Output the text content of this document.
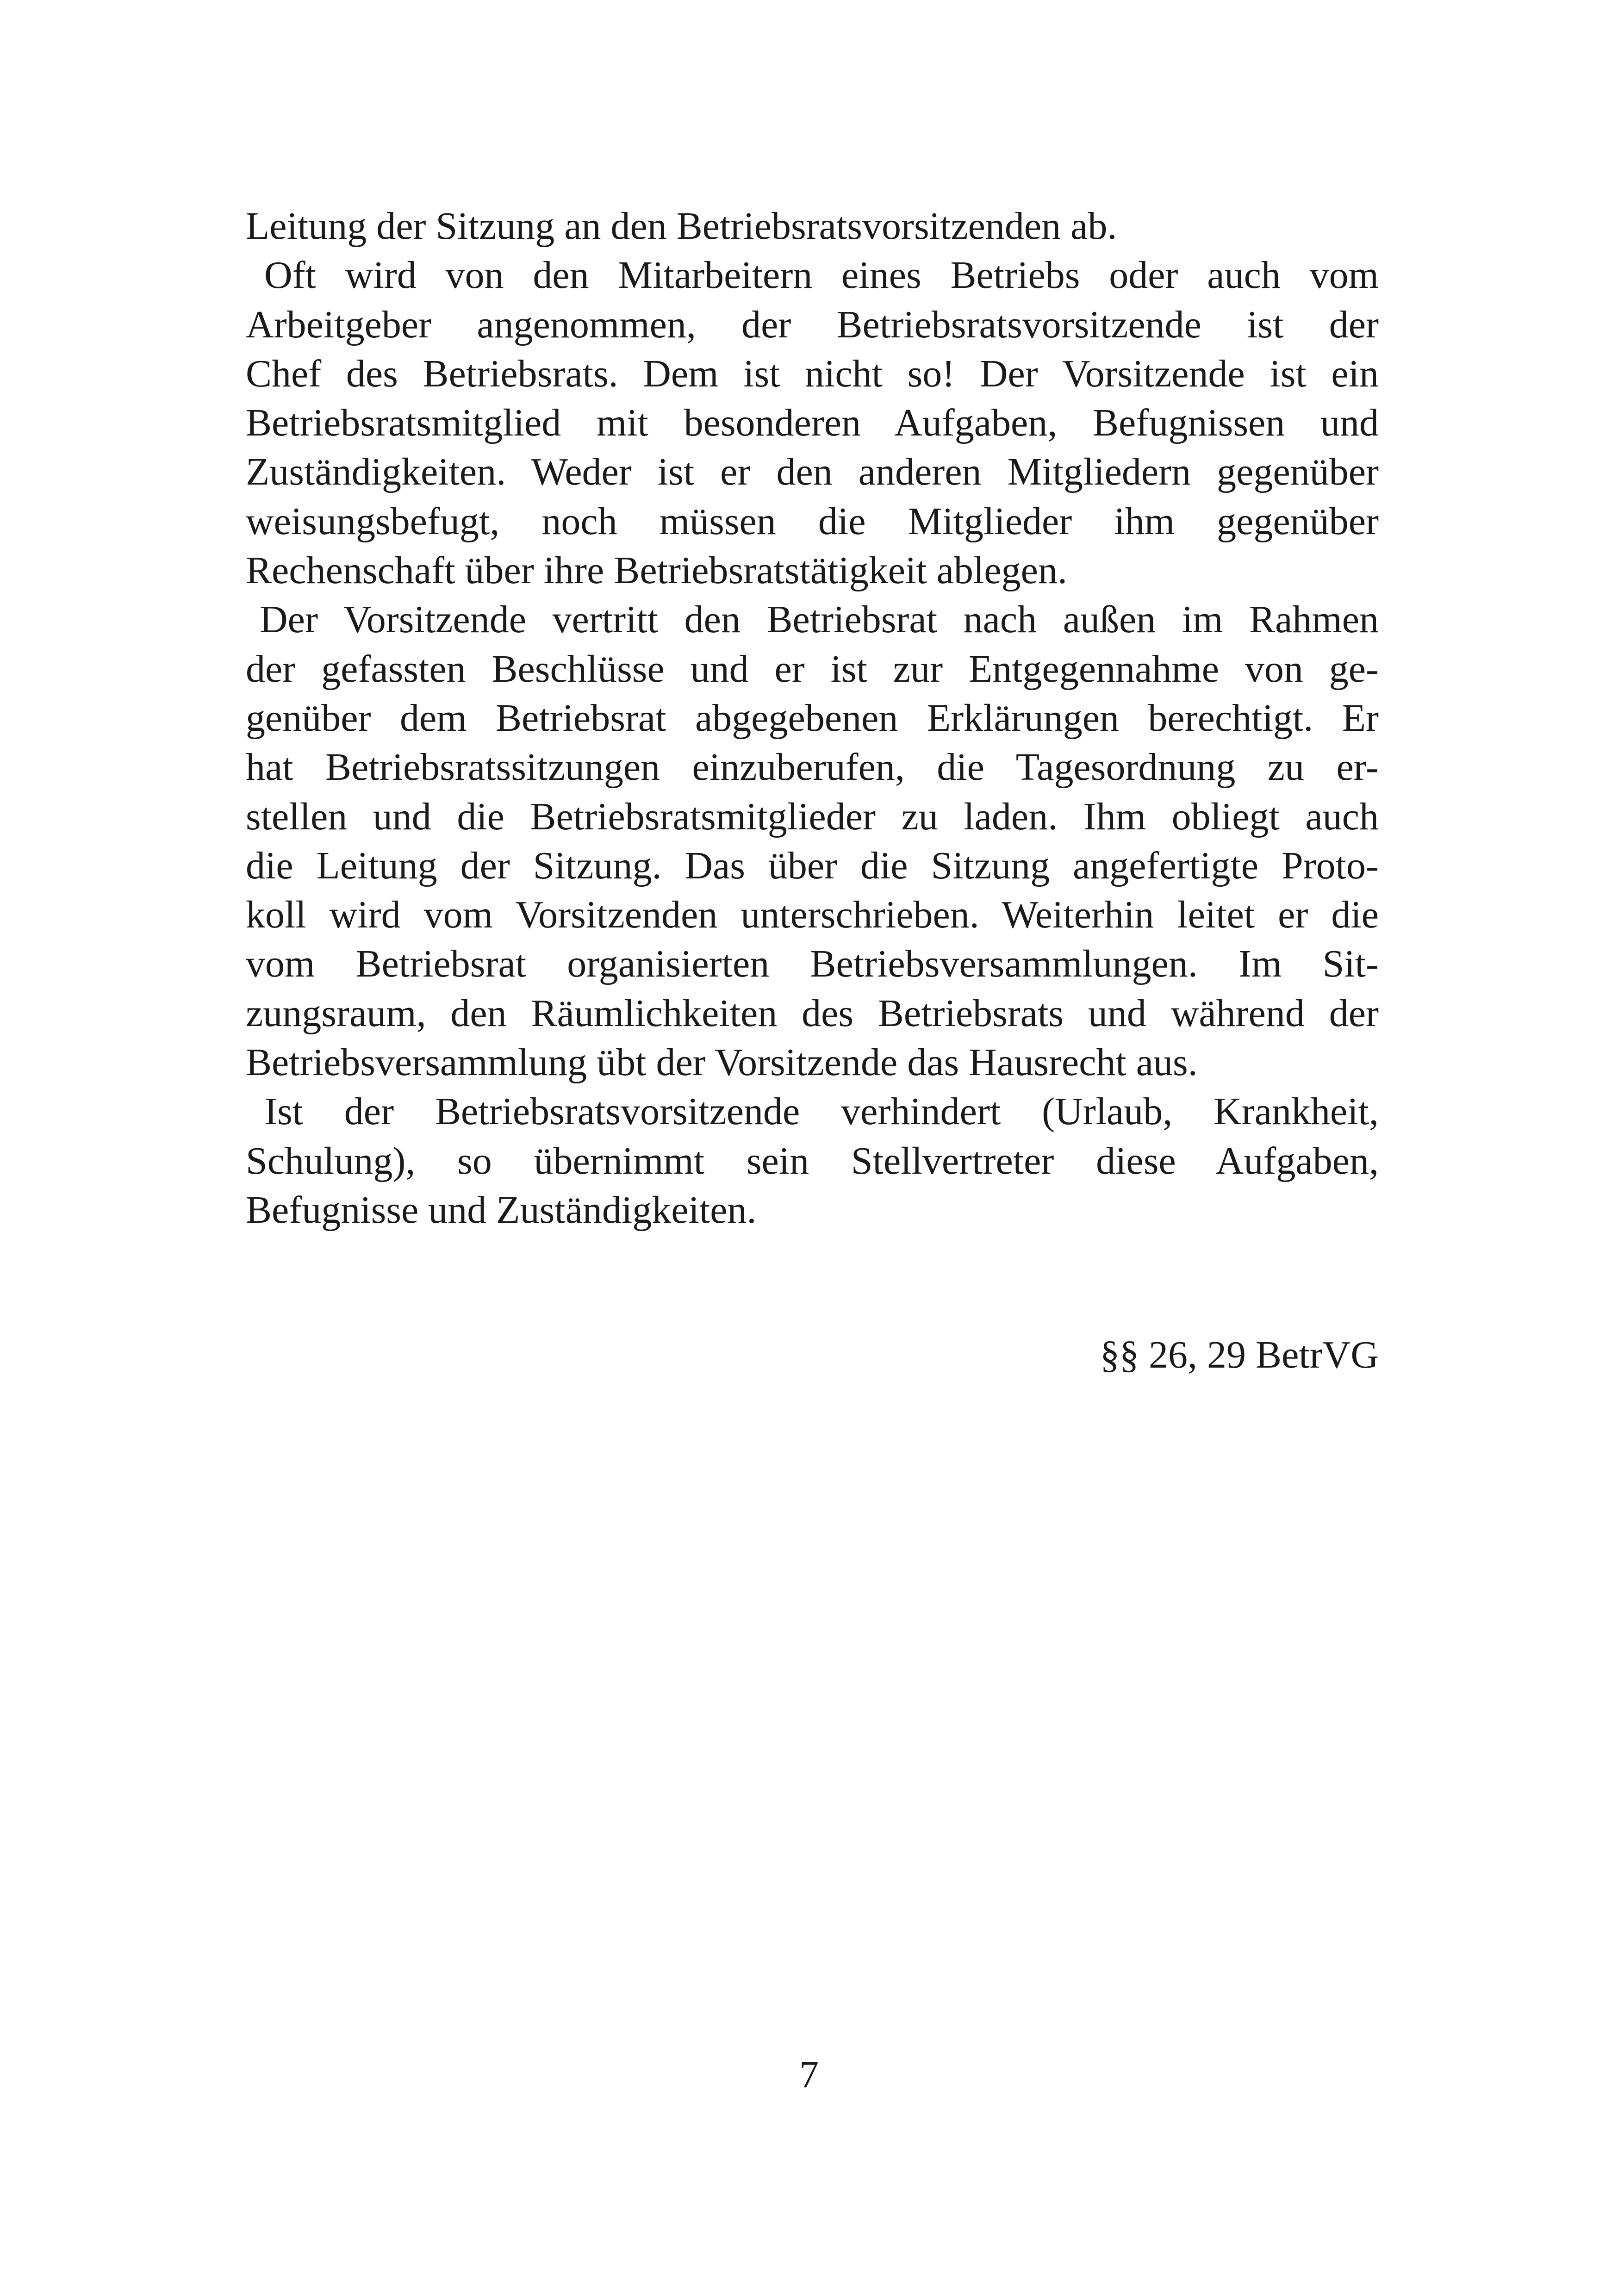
Leitung der Sitzung an den Betriebsratsvorsitzenden ab.
Oft wird von den Mitarbeitern eines Betriebs oder auch vom
Arbeitgeber angenommen, der Betriebsratsvorsitzende ist der
Chef des Betriebsrats. Dem ist nicht so! Der Vorsitzende ist ein
Betriebsratsmitglied mit besonderen Aufgaben, Befugnissen und
Zuständigkeiten. Weder ist er den anderen Mitgliedern gegenüber
weisungsbefugt, noch müssen die Mitglieder ihm gegenüber
Rechenschaft über ihre Betriebsratstätigkeit ablegen.
Der Vorsitzende vertritt den Betriebsrat nach außen im Rahmen
der gefassten Beschlüsse und er ist zur Entgegennahme von ge-
genüber dem Betriebsrat abgegebenen Erklärungen berechtigt. Er
hat Betriebsratssitzungen einzuberufen, die Tagesordnung zu er-
stellen und die Betriebsratsmitglieder zu laden. Ihm obliegt auch
die Leitung der Sitzung. Das über die Sitzung angefertigte Proto-
koll wird vom Vorsitzenden unterschrieben. Weiterhin leitet er die
vom Betriebsrat organisierten Betriebsversammlungen. Im Sit-
zungsraum, den Räumlichkeiten des Betriebsrats und während der
Betriebsversammlung übt der Vorsitzende das Hausrecht aus.
Ist der Betriebsratsvorsitzende verhindert (Urlaub, Krankheit,
Schulung), so übernimmt sein Stellvertreter diese Aufgaben,
Befugnisse und Zuständigkeiten.
§§ 26, 29 BetrVG
7
